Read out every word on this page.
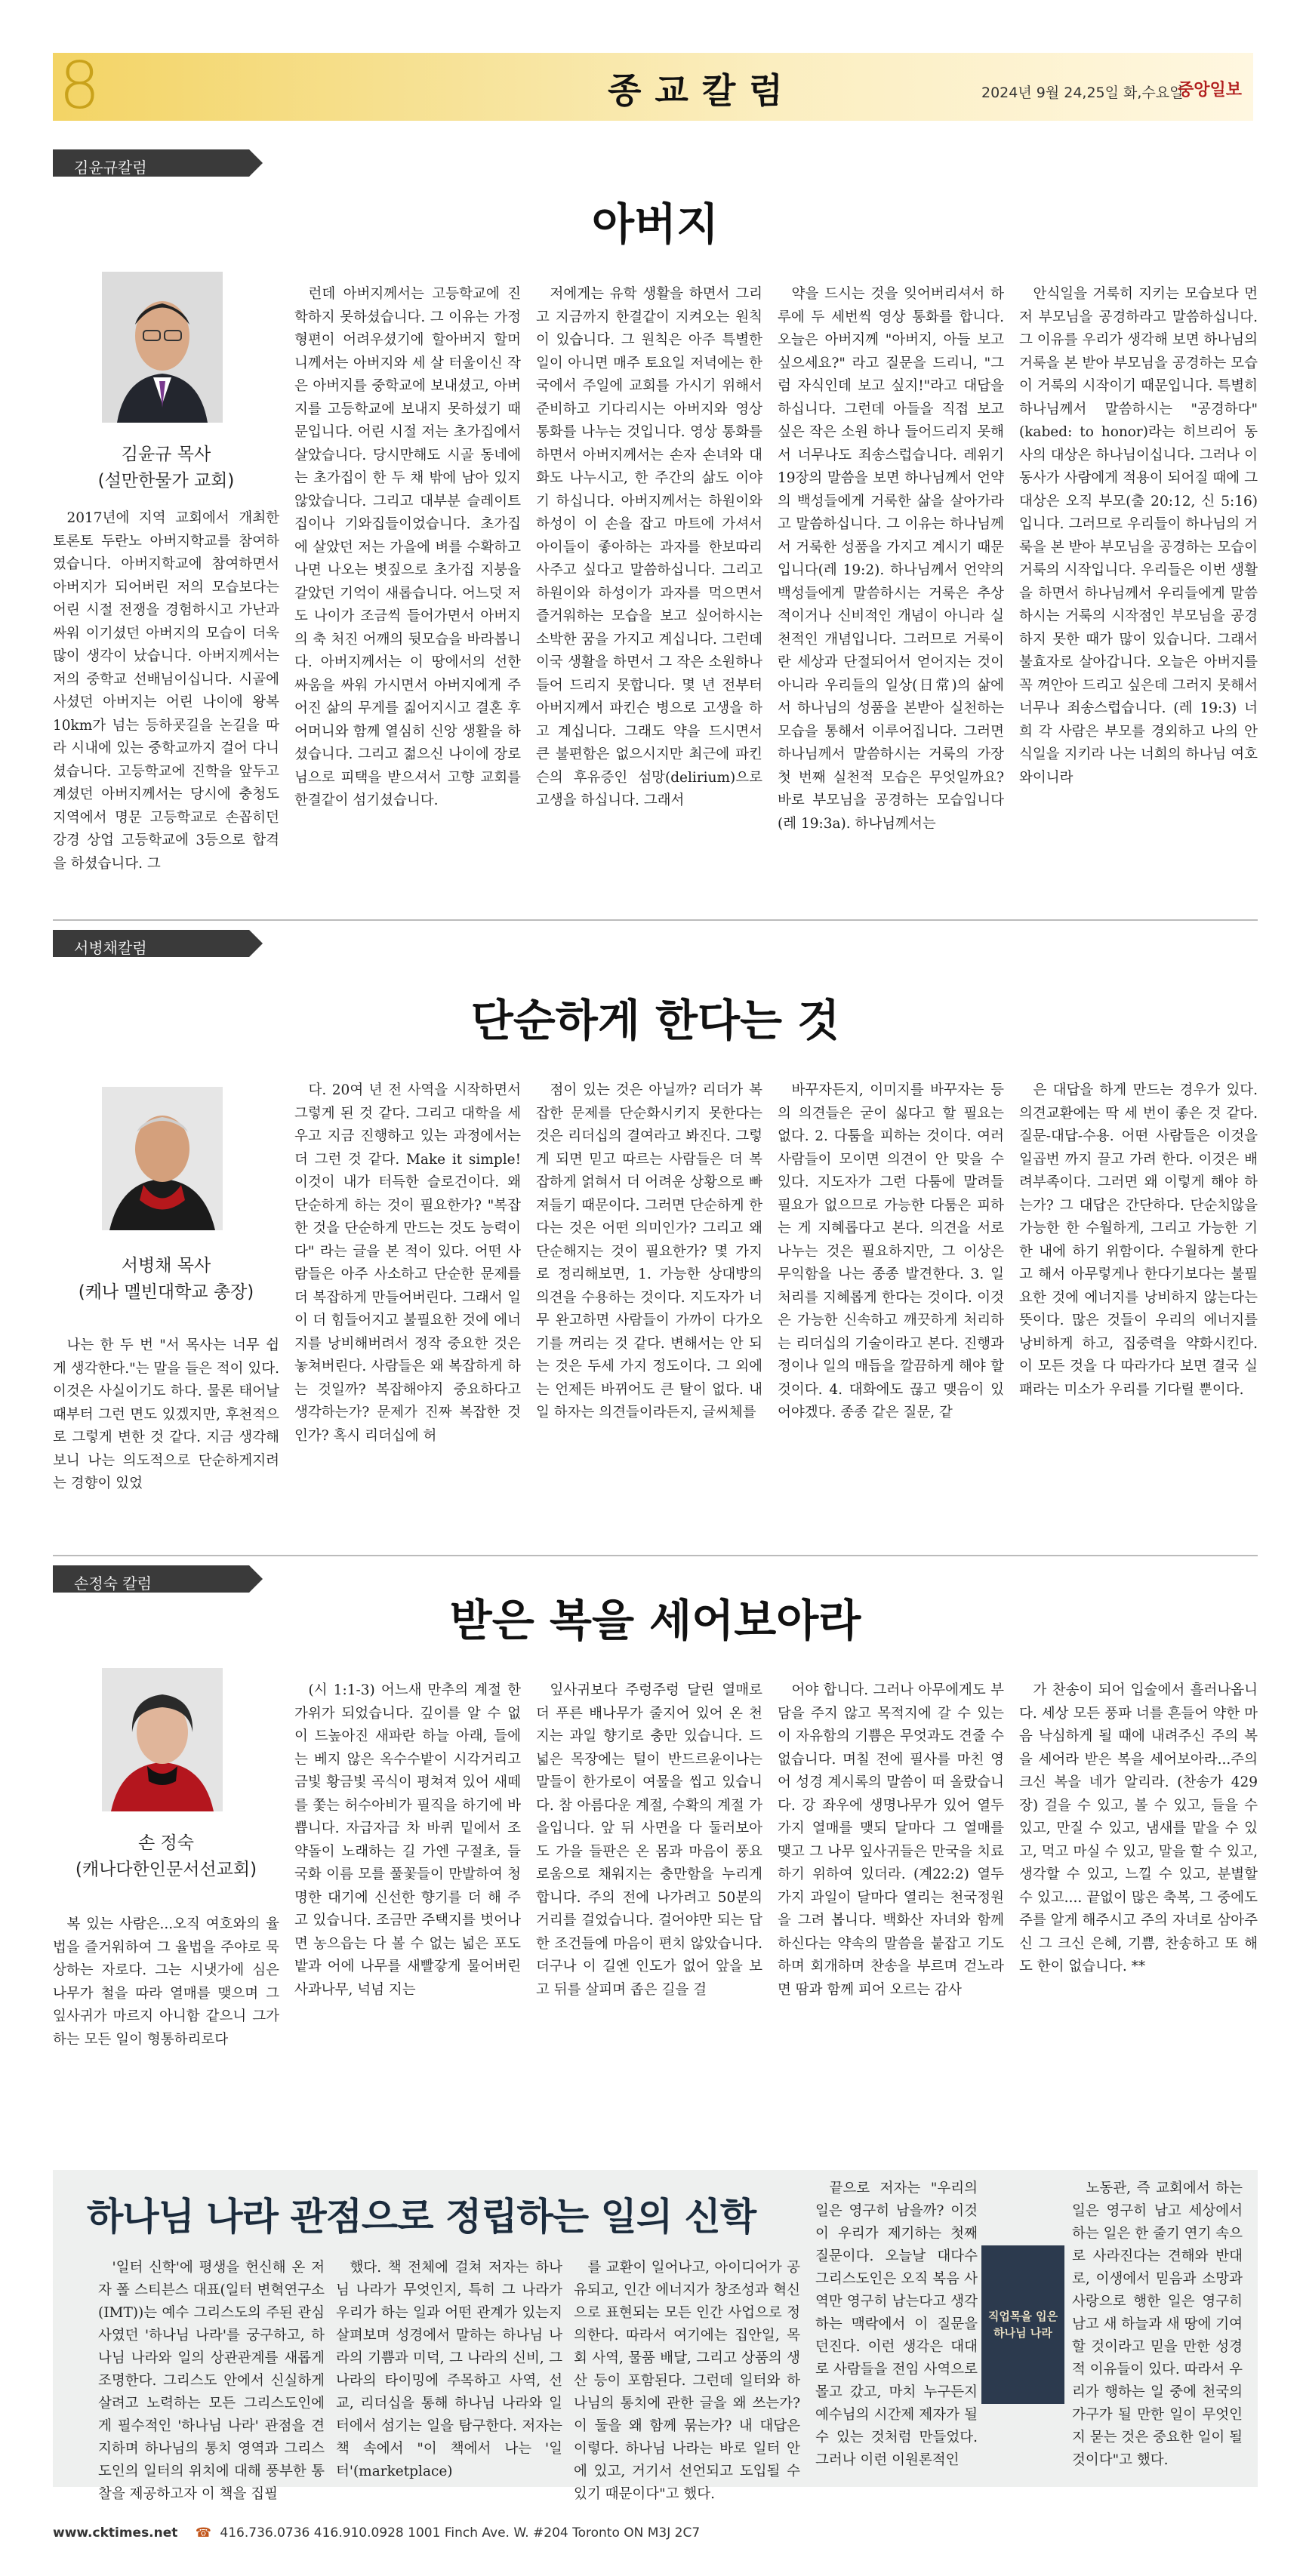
8	종교칼럼	2024년 9월 24,25일 화,수요일
중앙일보
김윤규칼럼
아버지
김윤규 목사
(설만한물가 교회)

2017년에 지역 교회에서 개최한 토론토 두란노 아버지학교를 참여하였습니다. 아버지학교에 참여하면서 아버지가 되어버린 저의 모습보다는 어린 시절 전쟁을 경험하시고 가난과 싸워 이기셨던 아버지의 모습이 더욱 많이 생각이 났습니다. 아버지께서는 저의 중학교 선배님이십니다. 시골에 사셨던 아버지는 어린 나이에 왕복10km가 넘는 등하굣길을 논길을 따라 시내에 있는 중학교까지 걸어 다니셨습니다. 고등학교에 진학을 앞두고 계셨던 아버지께서는 당시에 충청도 지역에서 명문 고등학교로 손꼽히던 강경 상업 고등학교에 3등으로 합격을 하셨습니다. 그

런데 아버지께서는 고등학교에 진학하지 못하셨습니다. 그 이유는 가정 형편이 어려우셨기에 할아버지 할머니께서는 아버지와 세 살 터울이신 작은 아버지를 중학교에 보내셨고, 아버지를 고등학교에 보내지 못하셨기 때문입니다. 어린 시절 저는 초가집에서 살았습니다. 당시만해도 시골 동네에는 초가집이 한 두 채 밖에 남아 있지 않았습니다. 그리고 대부분 슬레이트 집이나 기와집들이었습니다. 초가집에 살았던 저는 가을에 벼를 수확하고 나면 나오는 볏짚으로 초가집 지붕을 갈았던 기억이 새롭습니다. 어느덧 저도 나이가 조금씩 들어가면서 아버지의 축 처진 어깨의 뒷모습을 바라봅니다. 아버지께서는 이 땅에서의 선한 싸움을 싸워 가시면서 아버지에게 주어진 삶의 무게를 짊어지시고 결혼 후 어머니와 함께 열심히 신앙 생활을 하셨습니다. 그리고 젊으신 나이에 장로님으로 피택을 받으셔서 고향 교회를 한결같이 섬기셨습니다.

저에게는 유학 생활을 하면서 그리고 지금까지 한결같이 지켜오는 원칙이 있습니다. 그 원칙은 아주 특별한 일이 아니면 매주 토요일 저녁에는 한국에서 주일에 교회를 가시기 위해서 준비하고 기다리시는 아버지와 영상 통화를 나누는 것입니다. 영상 통화를 하면서 아버지께서는 손자 손녀와 대화도 나누시고, 한 주간의 삶도 이야기 하십니다. 아버지께서는 하원이와 하성이 이 손을 잡고 마트에 가셔서 아이들이 좋아하는 과자를 한보따리 사주고 싶다고 말씀하십니다. 그리고 하원이와 하성이가 과자를 먹으면서 즐거워하는 모습을 보고 싶어하시는 소박한 꿈을 가지고 계십니다. 그런데 이국 생활을 하면서 그 작은 소원하나 들어 드리지 못합니다. 몇 년 전부터 아버지께서 파킨슨 병으로 고생을 하고 계십니다. 그래도 약을 드시면서 큰 불편함은 없으시지만 최근에 파킨슨의 후유증인 섬망(delirium)으로 고생을 하십니다. 그래서

약을 드시는 것을 잊어버리셔서 하루에 두 세번씩 영상 통화를 합니다. 오늘은 아버지께 "아버지, 아들 보고 싶으세요?" 라고 질문을 드리니, "그럼 자식인데 보고 싶지!"라고 대답을 하십니다. 그런데 아들을 직접 보고 싶은 작은 소원 하나 들어드리지 못해서 너무나도 죄송스럽습니다. 레위기 19장의 말씀을 보면 하나님께서 언약의 백성들에게 거룩한 삶을 살아가라고 말씀하십니다. 그 이유는 하나님께서 거룩한 성품을 가지고 계시기 때문입니다(레 19:2). 하나님께서 언약의 백성들에게 말씀하시는 거룩은 추상적이거나 신비적인 개념이 아니라 실천적인 개념입니다. 그러므로 거룩이란 세상과 단절되어서 얻어지는 것이 아니라 우리들의 일상(日常)의 삶에서 하나님의 성품을 본받아 실천하는 모습을 통해서 이루어집니다. 그러면 하나님께서 말씀하시는 거룩의 가장 첫 번째 실천적 모습은 무엇일까요? 바로 부모님을 공경하는 모습입니다(레 19:3a). 하나님께서는

안식일을 거룩히 지키는 모습보다 먼저 부모님을 공경하라고 말씀하십니다. 그 이유를 우리가 생각해 보면 하나님의 거룩을 본 받아 부모님을 공경하는 모습이 거룩의 시작이기 때문입니다. 특별히 하나님께서 말씀하시는 "공경하다"(kabed: to honor)라는 히브리어 동사의 대상은 하나님이십니다. 그러나 이 동사가 사람에게 적용이 되어질 때에 그 대상은 오직 부모(출 20:12, 신 5:16)입니다. 그러므로 우리들이 하나님의 거룩을 본 받아 부모님을 공경하는 모습이 거룩의 시작입니다. 우리들은 이번 생활을 하면서 하나님께서 우리들에게 말씀하시는 거룩의 시작점인 부모님을 공경하지 못한 때가 많이 있습니다. 그래서 불효자로 살아갑니다. 오늘은 아버지를 꼭 껴안아 드리고 싶은데 그러지 못해서 너무나 죄송스럽습니다. (레 19:3) 너희 각 사람은 부모를 경외하고 나의 안식일을 지키라 나는 너희의 하나님 여호와이니라

서병채칼럼
단순하게 한다는 것
서병채 목사
(케나 멜빈대학교 총장)

나는 한 두 번 "서 목사는 너무 쉽게 생각한다."는 말을 들은 적이 있다. 이것은 사실이기도 하다. 물론 태어날 때부터 그런 면도 있겠지만, 후천적으로 그렇게 변한 것 같다. 지금 생각해보니 나는 의도적으로 단순하게지려는 경향이 있었

다. 20여 년 전 사역을 시작하면서 그렇게 된 것 같다. 그리고 대학을 세우고 지금 진행하고 있는 과정에서는 더 그런 것 같다. Make it simple! 이것이 내가 터득한 슬로건이다. 왜 단순하게 하는 것이 필요한가? "복잡한 것을 단순하게 만드는 것도 능력이다" 라는 글을 본 적이 있다. 어떤 사람들은 아주 사소하고 단순한 문제를 더 복잡하게 만들어버린다. 그래서 일이 더 힘들어지고 불필요한 것에 에너지를 낭비해버려서 정작 중요한 것은 놓쳐버린다. 사람들은 왜 복잡하게 하는 것일까? 복잡해야지 중요하다고 생각하는가? 문제가 진짜 복잡한 것인가? 혹시 리더십에 허

점이 있는 것은 아닐까? 리더가 복잡한 문제를 단순화시키지 못한다는 것은 리더십의 결여라고 봐진다. 그렇게 되면 믿고 따르는 사람들은 더 복잡하게 얽혀서 더 어려운 상황으로 빠져들기 때문이다. 그러면 단순하게 한다는 것은 어떤 의미인가? 그리고 왜 단순해지는 것이 필요한가? 몇 가지로 정리해보면, 1. 가능한 상대방의 의견을 수용하는 것이다. 지도자가 너무 완고하면 사람들이 가까이 다가오기를 꺼리는 것 같다. 변해서는 안 되는 것은 두세 가지 정도이다. 그 외에는 언제든 바뀌어도 큰 탈이 없다. 내일 하자는 의견들이라든지, 글씨체를

바꾸자든지, 이미지를 바꾸자는 등의 의견들은 굳이 싫다고 할 필요는 없다. 2. 다툼을 피하는 것이다. 여러 사람들이 모이면 의견이 안 맞을 수 있다. 지도자가 그런 다툼에 말려들 필요가 없으므로 가능한 다툼은 피하는 게 지혜롭다고 본다. 의견을 서로 나누는 것은 필요하지만, 그 이상은 무익함을 나는 종종 발견한다. 3. 일 처리를 지혜롭게 한다는 것이다. 이것은 가능한 신속하고 깨끗하게 처리하는 리더십의 기술이라고 본다. 진행과정이나 일의 매듭을 깔끔하게 해야 할 것이다. 4. 대화에도 끊고 맺음이 있어야겠다. 종종 같은 질문, 같

은 대답을 하게 만드는 경우가 있다. 의견교환에는 딱 세 번이 좋은 것 같다. 질문-대답-수용. 어떤 사람들은 이것을 일곱번 까지 끌고 가려 한다. 이것은 배려부족이다. 그러면 왜 이렇게 해야 하는가? 그 대답은 간단하다. 단순치않을 가능한 한 수월하게, 그리고 가능한 기한 내에 하기 위함이다. 수월하게 한다고 해서 아무렇게나 한다기보다는 불필요한 것에 에너지를 낭비하지 않는다는 뜻이다. 많은 것들이 우리의 에너지를 낭비하게 하고, 집중력을 약화시킨다. 이 모든 것을 다 따라가다 보면 결국 실패라는 미소가 우리를 기다릴 뿐이다.

손정숙 칼럼
받은 복을 세어보아라
손 정숙
(캐나다한인문서선교회)

복 있는 사람은...오직 여호와의 율법을 즐거워하여 그 율법을 주야로 묵상하는 자로다. 그는 시냇가에 심은 나무가 철을 따라 열매를 맺으며 그 잎사귀가 마르지 아니함 같으니 그가 하는 모든 일이 형통하리로다

(시 1:1-3) 어느새 만추의 계절 한가위가 되었습니다. 깊이를 알 수 없이 드높아진 새파란 하늘 아래, 들에는 베지 않은 옥수수밭이 시각거리고 금빛 황금빛 곡식이 평쳐져 있어 새떼를 쫓는 허수아비가 필직을 하기에 바쁩니다. 자급자급 차 바퀴 밑에서 조약돌이 노래하는 길 가엔 구절초, 들국화 이름 모를 풀꽃들이 만발하여 청명한 대기에 신선한 향기를 더 해 주고 있습니다. 조금만 주택지를 벗어나면 농으읍는 다 볼 수 없는 넓은 포도밭과 어에 나무를 새빨갛게 물어버린 사과나무, 넉넘 지는

잎사귀보다 주렁주렁 달린 열매로 더 푸른 배나무가 줄지어 있어 온 천지는 과일 향기로 충만 있습니다. 드넓은 목장에는 털이 반드르윤이나는 말들이 한가로이 여물을 씹고 있습니다. 참 아름다운 계절, 수확의 계절 가을입니다. 앞 뒤 사면을 다 둘러보아도 가을 들판은 온 몸과 마음이 풍요로움으로 채워지는 충만함을 누리게 합니다. 주의 전에 나가려고 50분의 거리를 걸었습니다. 걸어야만 되는 답한 조건들에 마음이 편치 않았습니다. 더구나 이 길엔 인도가 없어 앞을 보고 뒤를 살피며 좁은 길을 걸

어야 합니다. 그러나 아무에게도 부담을 주지 않고 목적지에 갈 수 있는 이 자유함의 기쁨은 무엇과도 견줄 수 없습니다. 며칠 전에 필사를 마친 영어 성경 계시록의 말씀이 떠 올랐습니다. 강 좌우에 생명나무가 있어 열두 가지 열매를 맺되 달마다 그 열매를 맺고 그 나무 잎사귀들은 만국을 치료하기 위하여 있더라. (계22:2) 열두 가지 과일이 달마다 열리는 천국정원을 그려 봅니다. 백화산 자녀와 함께 하신다는 약속의 말씀을 붙잡고 기도하며 회개하며 찬송을 부르며 걷노라면 땀과 함께 피어 오르는 감사

가 찬송이 되어 입술에서 흘러나옵니다. 세상 모든 풍파 너를 흔들어 약한 마음 낙심하게 될 때에 내려주신 주의 복을 세어라 받은 복을 세어보아라...주의 크신 복을 네가 알리라. (찬송가 429장) 걸을 수 있고, 볼 수 있고, 들을 수 있고, 만질 수 있고, 냄새를 맡을 수 있고, 먹고 마실 수 있고, 말을 할 수 있고, 생각할 수 있고, 느낄 수 있고, 분별할 수 있고.... 끝없이 많은 축복, 그 중에도 주를 알게 해주시고 주의 자녀로 삼아주신 그 크신 은혜, 기쁨, 찬송하고 또 해도 한이 없습니다. **

하나님 나라 관점으로 정립하는 일의 신학

'일터 신학'에 평생을 헌신해 온 저자 폴 스티븐스 대표(일터 변혁연구소(IMT))는 예수 그리스도의 주된 관심사였던 '하나님 나라'를 궁구하고, 하나님 나라와 일의 상관관계를 새롭게 조명한다. 그리스도 안에서 신실하게 살려고 노력하는 모든 그리스도인에게 필수적인 '하나님 나라' 관점을 견지하며 하나님의 통치 영역과 그리스도인의 일터의 위치에 대해 풍부한 통찰을 제공하고자 이 책을 집필

했다. 책 전체에 걸쳐 저자는 하나님 나라가 무엇인지, 특히 그 나라가 우리가 하는 일과 어떤 관계가 있는지 살펴보며 성경에서 말하는 하나님 나라의 기쁨과 미덕, 그 나라의 신비, 그 나라의 타이밍에 주목하고 사역, 선교, 리더십을 통해 하나님 나라와 일터에서 섬기는 일을 탐구한다. 저자는 책 속에서 "이 책에서 나는 '일터'(marketplace)

를 교환이 일어나고, 아이디어가 공유되고, 인간 에너지가 창조성과 혁신으로 표현되는 모든 인간 사업으로 정의한다. 따라서 여기에는 집안일, 목회 사역, 물품 배달, 그리고 상품의 생산 등이 포함된다. 그런데 일터와 하나님의 통치에 관한 글을 왜 쓰는가? 이 둘을 왜 함께 묶는가? 내 대답은 이렇다. 하나님 나라는 바로 일터 안에 있고, 거기서 선언되고 도입될 수 있기 때문이다"고 했다.

끝으로 저자는 "우리의 일은 영구히 남을까? 이것이 우리가 제기하는 첫째 질문이다. 오늘날 대다수 그리스도인은 오직 복음 사역만 영구히 남는다고 생각하는 맥락에서 이 질문을 던진다. 이런 생각은 대대로 사람들을 전임 사역으로 몰고 갔고, 마치 누구든지 예수님의 시간제 제자가 될 수 있는 것처럼 만들었다. 그러나 이런 이원론적인

노동관, 즉 교회에서 하는 일은 영구히 남고 세상에서 하는 일은 한 줄기 연기 속으로 사라진다는 견해와 반대로, 이생에서 믿음과 소망과 사랑으로 행한 일은 영구히 남고 새 하늘과 새 땅에 기여할 것이라고 믿을 만한 성경적 이유들이 있다. 따라서 우리가 행하는 일 중에 천국의 가구가 될 만한 일이 무엇인지 묻는 것은 중요한 일이 될 것이다"고 했다.

직업목을 입은 하나님 나라
www.cktimes.net ☎ 416.736.0736 416.910.0928 1001 Finch Ave. W. #204 Toronto ON M3J 2C7
